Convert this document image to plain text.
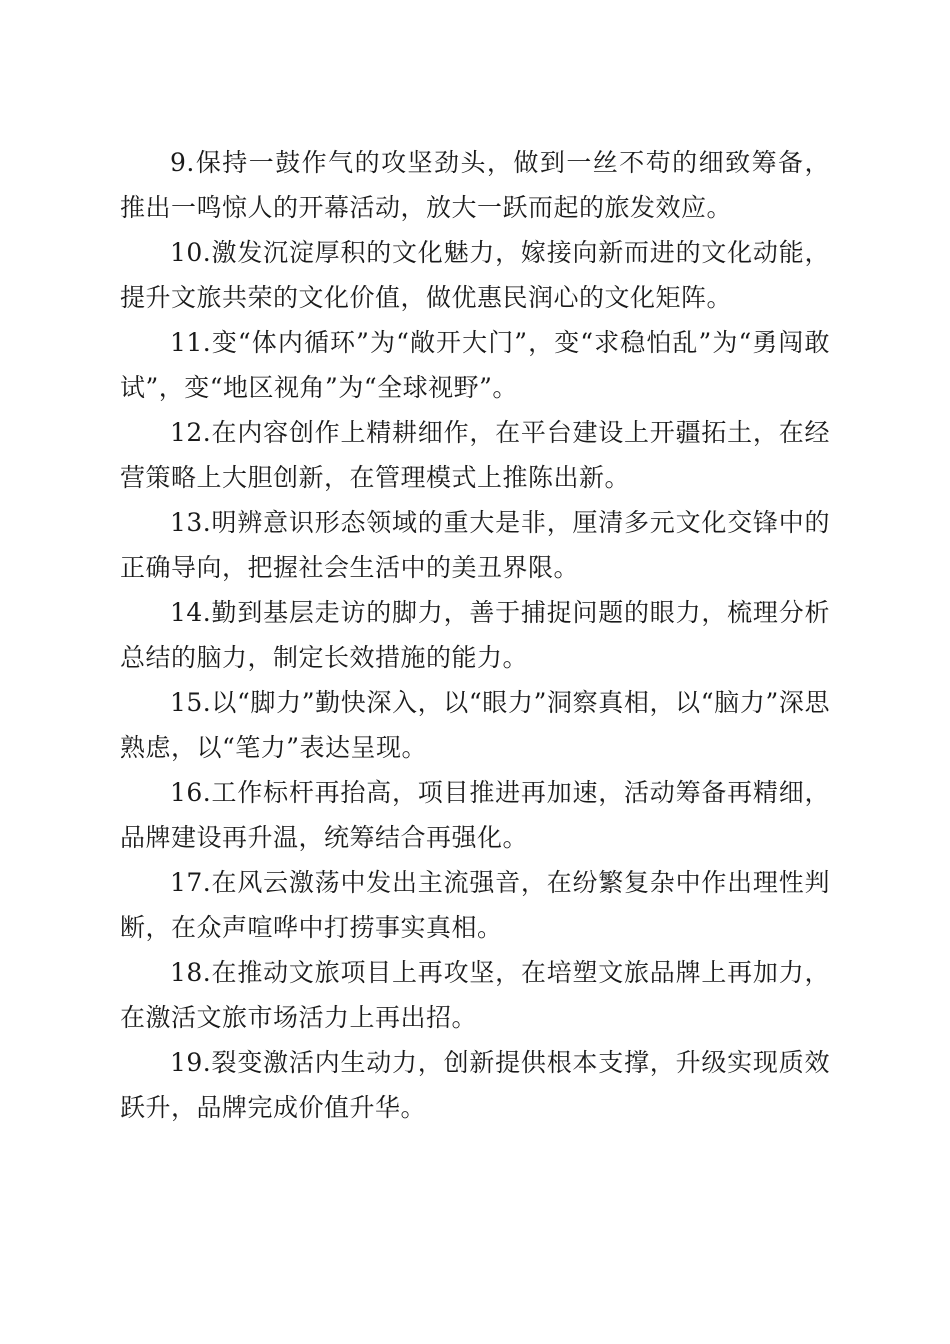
9.保持一鼓作气的攻坚劲头，做到一丝不苟的细致筹备，推出一鸣惊人的开幕活动，放大一跃而起的旅发效应。

10.激发沉淀厚积的文化魅力，嫁接向新而进的文化动能，提升文旅共荣的文化价值，做优惠民润心的文化矩阵。

11.变“体内循环”为“敞开大门”，变“求稳怕乱”为“勇闯敢试”，变“地区视角”为“全球视野”。

12.在内容创作上精耕细作，在平台建设上开疆拓土，在经营策略上大胆创新，在管理模式上推陈出新。

13.明辨意识形态领域的重大是非，厘清多元文化交锋中的正确导向，把握社会生活中的美丑界限。

14.勤到基层走访的脚力，善于捕捉问题的眼力，梳理分析总结的脑力，制定长效措施的能力。

15.以“脚力”勤快深入，以“眼力”洞察真相，以“脑力”深思熟虑，以“笔力”表达呈现。

16.工作标杆再抬高，项目推进再加速，活动筹备再精细，品牌建设再升温，统筹结合再强化。

17.在风云激荡中发出主流强音，在纷繁复杂中作出理性判断，在众声喧哗中打捞事实真相。

18.在推动文旅项目上再攻坚，在培塑文旅品牌上再加力，在激活文旅市场活力上再出招。

19.裂变激活内生动力，创新提供根本支撑，升级实现质效跃升，品牌完成价值升华。
